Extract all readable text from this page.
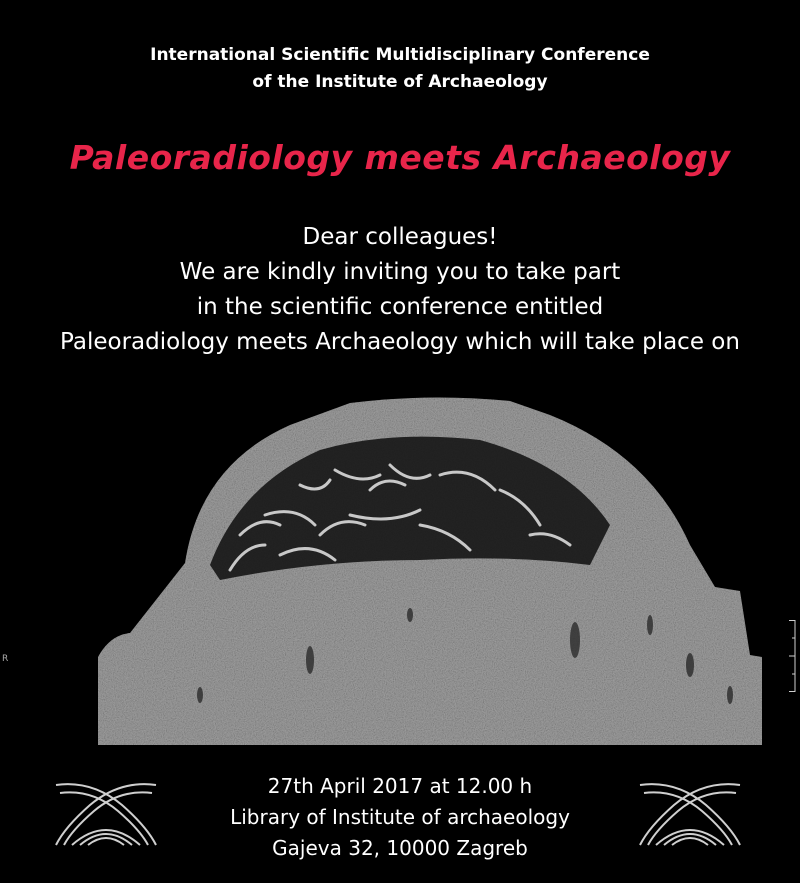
International Scientific Multidisciplinary Conference
of the Institute of Archaeology
Paleoradiology meets Archaeology
Dear colleagues!
We are kindly inviting you to take part
in the scientific conference entitled
Paleoradiology meets Archaeology which will take place on
R
27th April 2017 at 12.00 h
Library of Institute of archaeology
Gajeva 32, 10000 Zagreb
